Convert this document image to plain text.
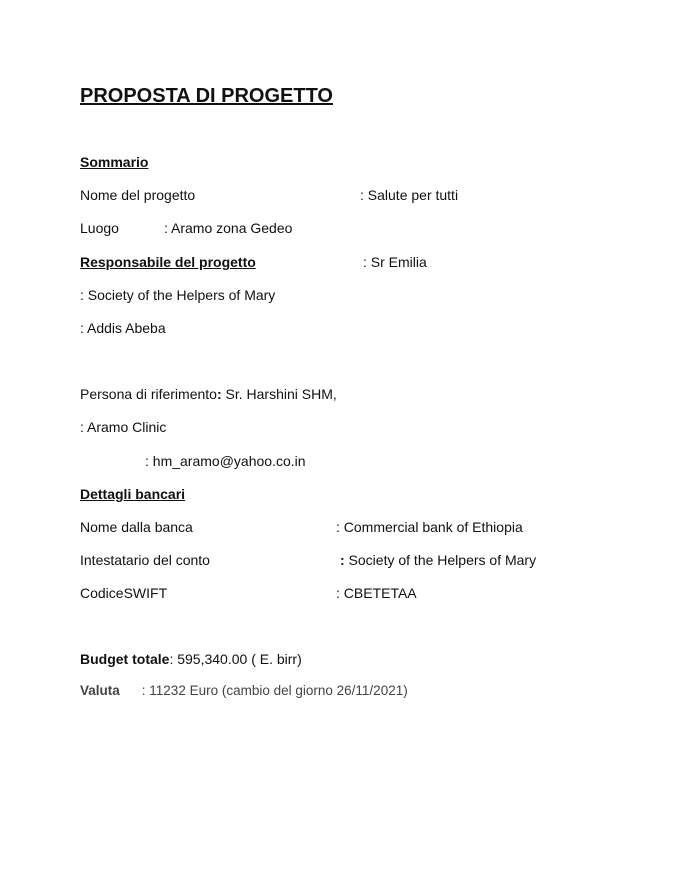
PROPOSTA DI PROGETTO
Sommario
Nome del progetto	: Salute per tutti
Luogo	: Aramo zona Gedeo
Responsabile del progetto	: Sr Emilia
: Society of the Helpers of Mary
: Addis Abeba
Persona di riferimento: Sr. Harshini SHM,
: Aramo Clinic
: hm_aramo@yahoo.co.in
Dettagli bancari
Nome dalla banca	: Commercial bank of Ethiopia
Intestatario del conto	: Society of the Helpers of Mary
CodiceSWIFT	: CBETETAA
Budget totale: 595,340.00 ( E. birr)
Valuta : 11232 Euro (cambio del giorno 26/11/2021)
